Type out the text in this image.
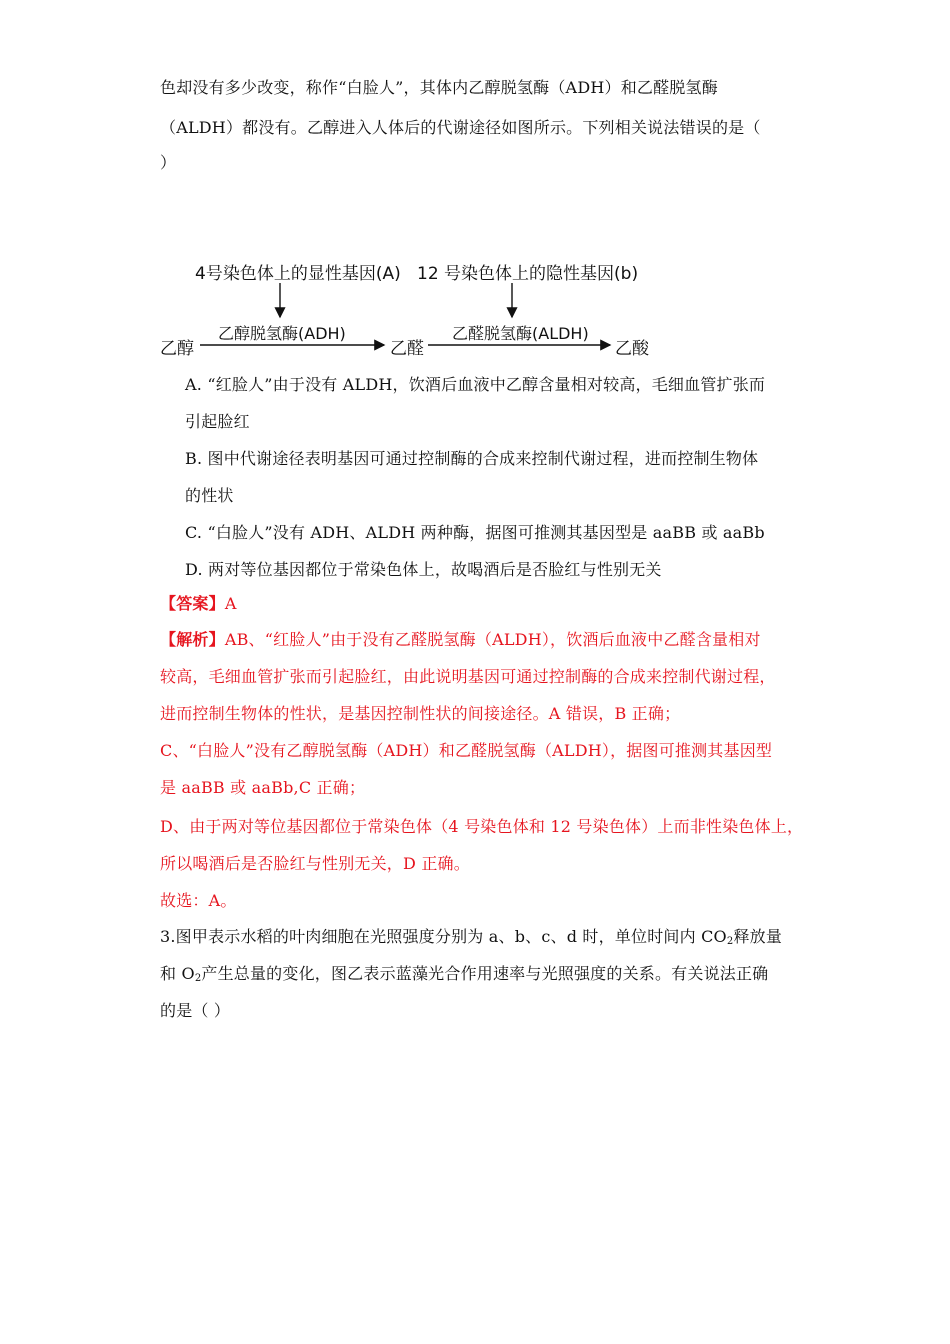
色却没有多少改变，称作“白脸人”，其体内乙醇脱氢酶（ADH）和乙醛脱氢酶
（ALDH）都没有。乙醇进入人体后的代谢途径如图所示。下列相关说法错误的是（
）
4号染色体上的显性基因(A) 12 号染色体上的隐性基因(b)
乙醇
乙醇脱氢酶(ADH)
乙醛
乙醛脱氢酶(ALDH)
乙酸
A. “红脸人”由于没有 ALDH，饮酒后血液中乙醇含量相对较高，毛细血管扩张而
引起脸红
B. 图中代谢途径表明基因可通过控制酶的合成来控制代谢过程，进而控制生物体
的性状
C. “白脸人”没有 ADH、ALDH 两种酶，据图可推测其基因型是 aaBB 或 aaBb
D. 两对等位基因都位于常染色体上，故喝酒后是否脸红与性别无关
【答案】A
【解析】AB、“红脸人”由于没有乙醛脱氢酶（ALDH），饮酒后血液中乙醛含量相对
较高，毛细血管扩张而引起脸红，由此说明基因可通过控制酶的合成来控制代谢过程，
进而控制生物体的性状，是基因控制性状的间接途径。A 错误，B 正确；
C、“白脸人”没有乙醇脱氢酶（ADH）和乙醛脱氢酶（ALDH），据图可推测其基因型
是 aaBB 或 aaBb,C 正确；
D、由于两对等位基因都位于常染色体（4 号染色体和 12 号染色体）上而非性染色体上，
所以喝酒后是否脸红与性别无关，D 正确。
故选：A。
3.图甲表示水稻的叶肉细胞在光照强度分别为 a、b、c、d 时，单位时间内 $CO_2$释放量
和 $O_2$产生总量的变化，图乙表示蓝藻光合作用速率与光照强度的关系。有关说法正确
的是（ ）
